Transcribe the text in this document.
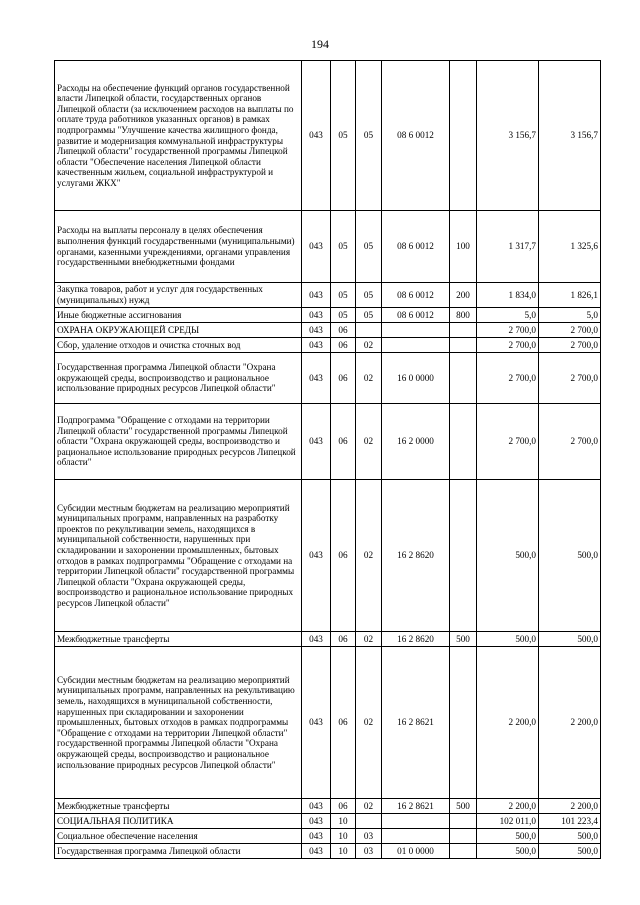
194
Расходы на обеспечение функций органов государственной власти Липецкой области, государственных органов Липецкой области (за исключением расходов на выплаты по оплате труда работников указанных органов) в рамках подпрограммы "Улучшение качества жилищного фонда, развитие и модернизация коммунальной инфраструктуры Липецкой области" государственной программы Липецкой области "Обеспечение населения Липецкой области качественным жильем, социальной инфраструктурой и услугами ЖКХ"	043	05	05	08 6 0012		3 156,7	3 156,7
Расходы на выплаты персоналу в целях обеспечения выполнения функций государственными (муниципальными) органами, казенными учреждениями, органами управления государственными внебюджетными фондами	043	05	05	08 6 0012	100	1 317,7	1 325,6
Закупка товаров, работ и услуг для государственных (муниципальных) нужд	043	05	05	08 6 0012	200	1 834,0	1 826,1
Иные бюджетные ассигнования	043	05	05	08 6 0012	800	5,0	5,0
ОХРАНА ОКРУЖАЮЩЕЙ СРЕДЫ	043	06				2 700,0	2 700,0
Сбор, удаление отходов и очистка сточных вод	043	06	02			2 700,0	2 700,0
Государственная программа Липецкой области "Охрана окружающей среды, воспроизводство и рациональное использование природных ресурсов Липецкой области"	043	06	02	16 0 0000		2 700,0	2 700,0
Подпрограмма "Обращение с отходами на территории Липецкой области" государственной программы Липецкой области "Охрана окружающей среды, воспроизводство и рациональное использование природных ресурсов Липецкой области"	043	06	02	16 2 0000		2 700,0	2 700,0
Субсидии местным бюджетам на реализацию мероприятий муниципальных программ, направленных на разработку проектов по рекультивации земель, находящихся в муниципальной собственности, нарушенных при складировании и захоронении промышленных, бытовых отходов в рамках подпрограммы "Обращение с отходами на территории Липецкой области" государственной программы Липецкой области "Охрана окружающей среды, воспроизводство и рациональное использование природных ресурсов Липецкой области"	043	06	02	16 2 8620		500,0	500,0
Межбюджетные трансферты	043	06	02	16 2 8620	500	500,0	500,0
Субсидии местным бюджетам на реализацию мероприятий муниципальных программ, направленных на рекультивацию земель, находящихся в муниципальной собственности, нарушенных при складировании и захоронении промышленных, бытовых отходов в рамках подпрограммы "Обращение с отходами на территории Липецкой области" государственной программы Липецкой области "Охрана окружающей среды, воспроизводство и рациональное использование природных ресурсов Липецкой области"	043	06	02	16 2 8621		2 200,0	2 200,0
Межбюджетные трансферты	043	06	02	16 2 8621	500	2 200,0	2 200,0
СОЦИАЛЬНАЯ ПОЛИТИКА	043	10				102 011,0	101 223,4
Социальное обеспечение населения	043	10	03			500,0	500,0
Государственная программа Липецкой области	043	10	03	01 0 0000		500,0	500,0
